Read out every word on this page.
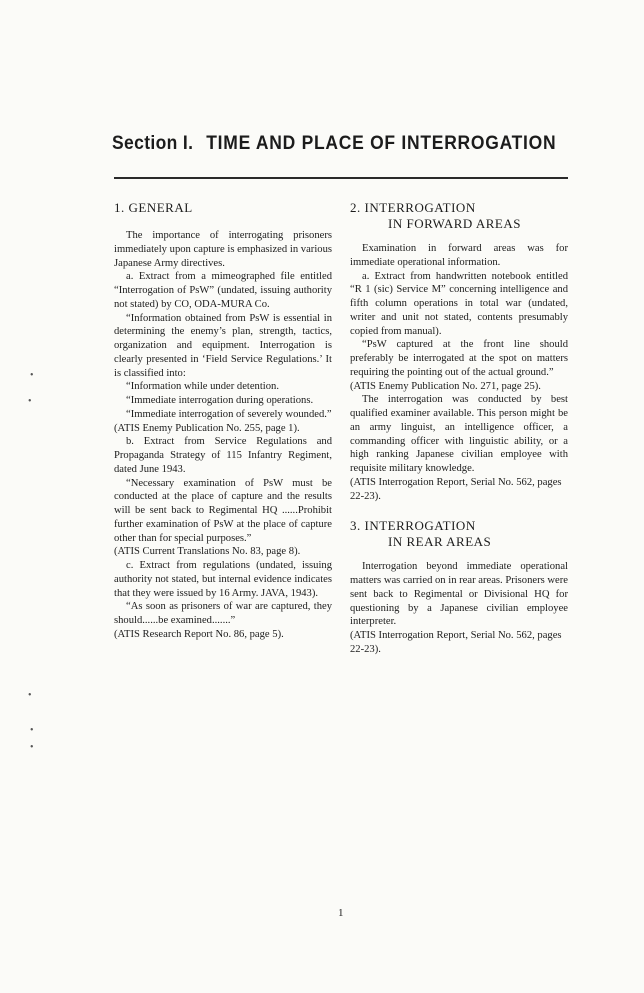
Section I. TIME AND PLACE OF INTERROGATION
1. GENERAL

The importance of interrogating prisoners immediately upon capture is emphasized in various Japanese Army directives.

a. Extract from a mimeographed file entitled “Interrogation of PsW” (undated, issuing authority not stated) by CO, ODA-MURA Co.

“Information obtained from PsW is essential in determining the enemy’s plan, strength, tactics, organization and equipment. Interrogation is clearly presented in ‘Field Service Regulations.’ It is classified into:

“Information while under detention.

“Immediate interrogation during operations.

“Immediate interrogation of severely wounded.”

(ATIS Enemy Publication No. 255, page 1).

b. Extract from Service Regulations and Propaganda Strategy of 115 Infantry Regiment, dated June 1943.

“Necessary examination of PsW must be conducted at the place of capture and the results will be sent back to Regimental HQ ......Prohibit further examination of PsW at the place of capture other than for special purposes.”

(ATIS Current Translations No. 83, page 8).

c. Extract from regulations (undated, issuing authority not stated, but internal evidence indicates that they were issued by 16 Army. JAVA, 1943).

“As soon as prisoners of war are captured, they should......be examined.......”

(ATIS Research Report No. 86, page 5).

2. INTERROGATION
IN FORWARD AREAS

Examination in forward areas was for immediate operational information.

a. Extract from handwritten notebook entitled “R 1 (sic) Service M” concerning intelligence and fifth column operations in total war (undated, writer and unit not stated, contents presumably copied from manual).

“PsW captured at the front line should preferably be interrogated at the spot on matters requiring the pointing out of the actual ground.”

(ATIS Enemy Publication No. 271, page 25).

The interrogation was conducted by best qualified examiner available. This person might be an army linguist, an intelligence officer, a commanding officer with linguistic ability, or a high ranking Japanese civilian employee with requisite military knowledge.

(ATIS Interrogation Report, Serial No. 562, pages 22-23).

3. INTERROGATION
IN REAR AREAS

Interrogation beyond immediate operational matters was carried on in rear areas. Prisoners were sent back to Regimental or Divisional HQ for questioning by a Japanese civilian employee interpreter.

(ATIS Interrogation Report, Serial No. 562, pages 22-23).

1
•
•
•
•
•
